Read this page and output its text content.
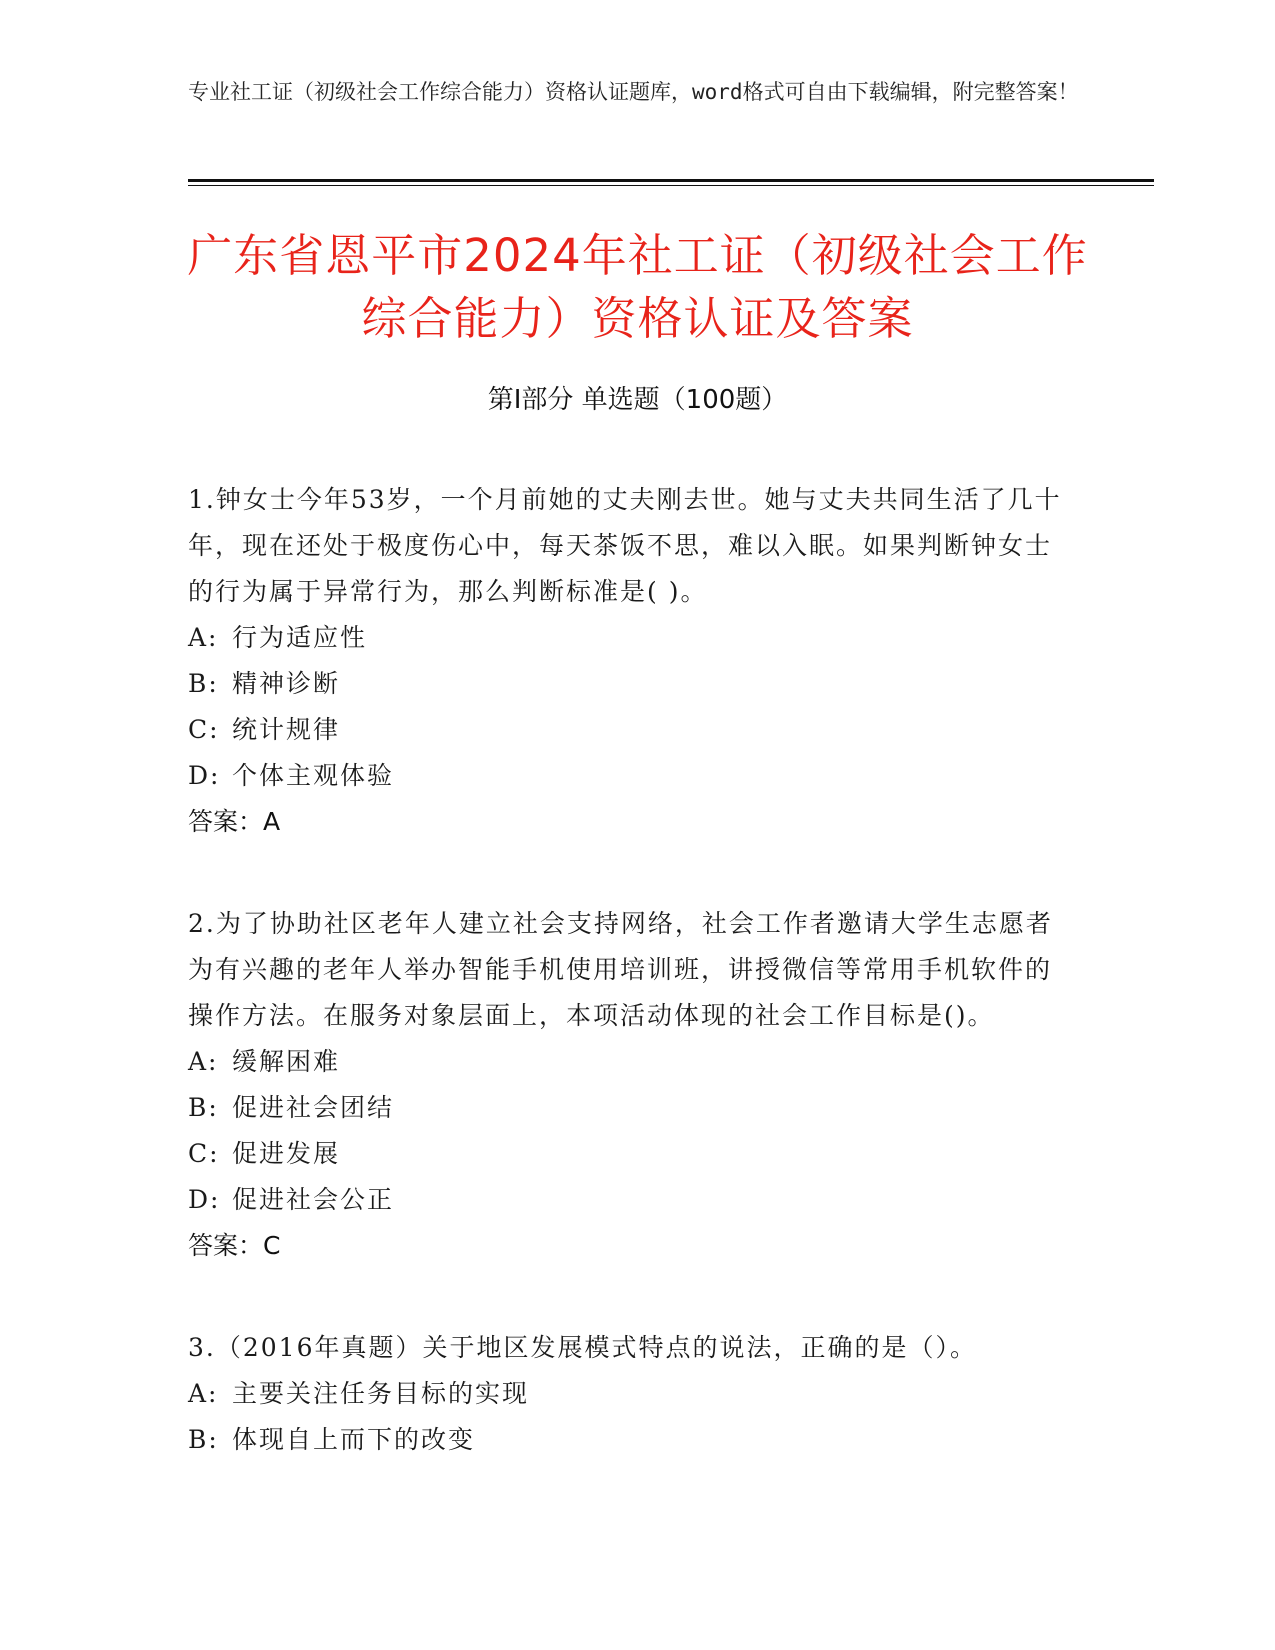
专业社工证（初级社会工作综合能力）资格认证题库，word格式可自由下载编辑，附完整答案！
广东省恩平市2024年社工证（初级社会工作
综合能力）资格认证及答案
第Ⅰ部分 单选题（100题）
1.钟女士今年53岁，一个月前她的丈夫刚去世。她与丈夫共同生活了几十年，现在还处于极度伤心中，每天茶饭不思，难以入眠。如果判断钟女士的行为属于异常行为，那么判断标准是( )。
A: 行为适应性
B: 精神诊断
C: 统计规律
D: 个体主观体验
答案：A
2.为了协助社区老年人建立社会支持网络，社会工作者邀请大学生志愿者为有兴趣的老年人举办智能手机使用培训班，讲授微信等常用手机软件的操作方法。在服务对象层面上，本项活动体现的社会工作目标是()。
A: 缓解困难
B: 促进社会团结
C: 促进发展
D: 促进社会公正
答案：C
3.（2016年真题）关于地区发展模式特点的说法，正确的是（）。
A: 主要关注任务目标的实现
B: 体现自上而下的改变
